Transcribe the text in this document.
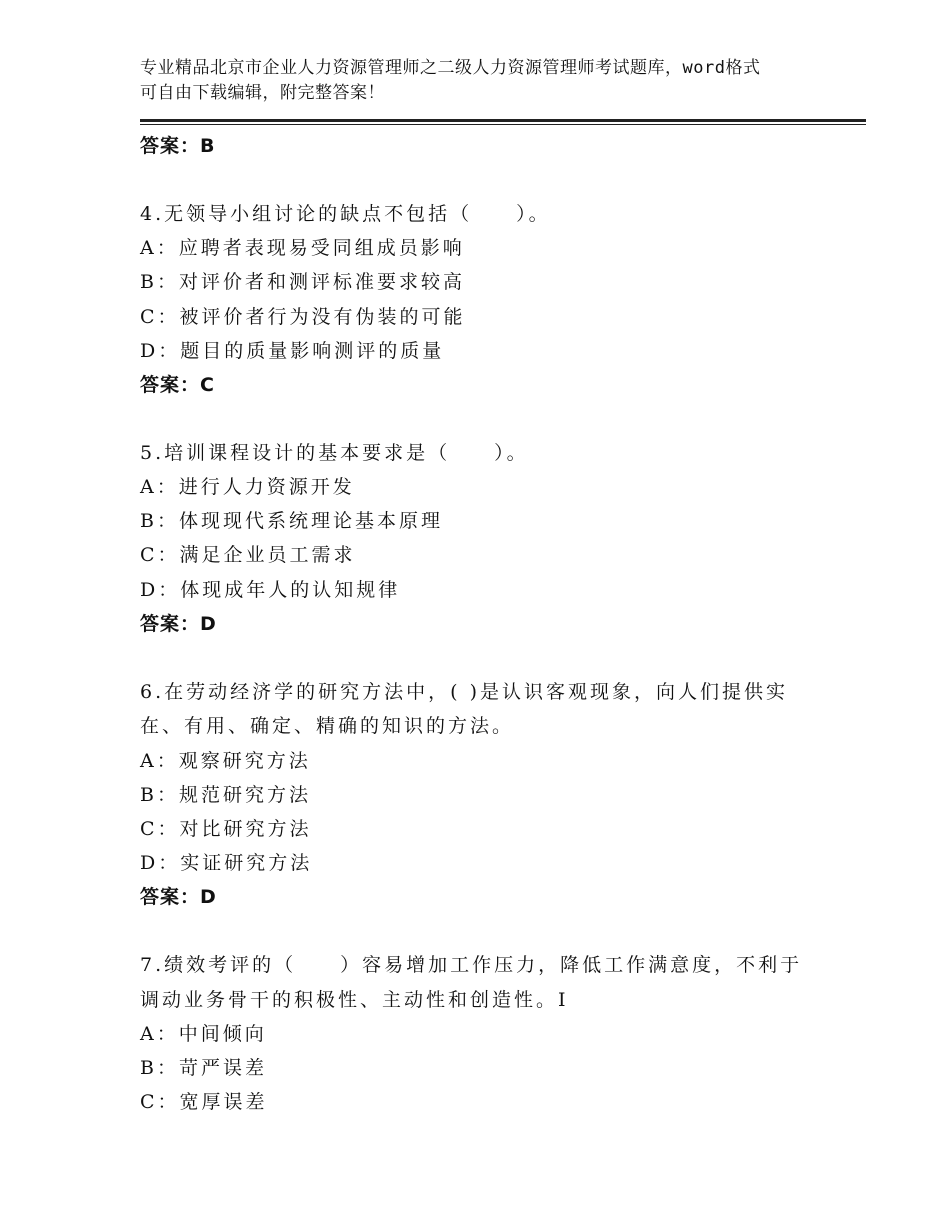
专业精品北京市企业人力资源管理师之二级人力资源管理师考试题库，word格式
可自由下载编辑，附完整答案！
答案：B
4.无领导小组讨论的缺点不包括（　　）。
A：应聘者表现易受同组成员影响
B：对评价者和测评标准要求较高
C：被评价者行为没有伪装的可能
D：题目的质量影响测评的质量
答案：C
5.培训课程设计的基本要求是（　　）。
A：进行人力资源开发
B：体现现代系统理论基本原理
C：满足企业员工需求
D：体现成年人的认知规律
答案：D
6.在劳动经济学的研究方法中，( )是认识客观现象，向人们提供实
在、有用、确定、精确的知识的方法。
A：观察研究方法
B：规范研究方法
C：对比研究方法
D：实证研究方法
答案：D
7.绩效考评的（　　）容易增加工作压力，降低工作满意度，不利于
调动业务骨干的积极性、主动性和创造性。I
A：中间倾向
B：苛严误差
C：宽厚误差
